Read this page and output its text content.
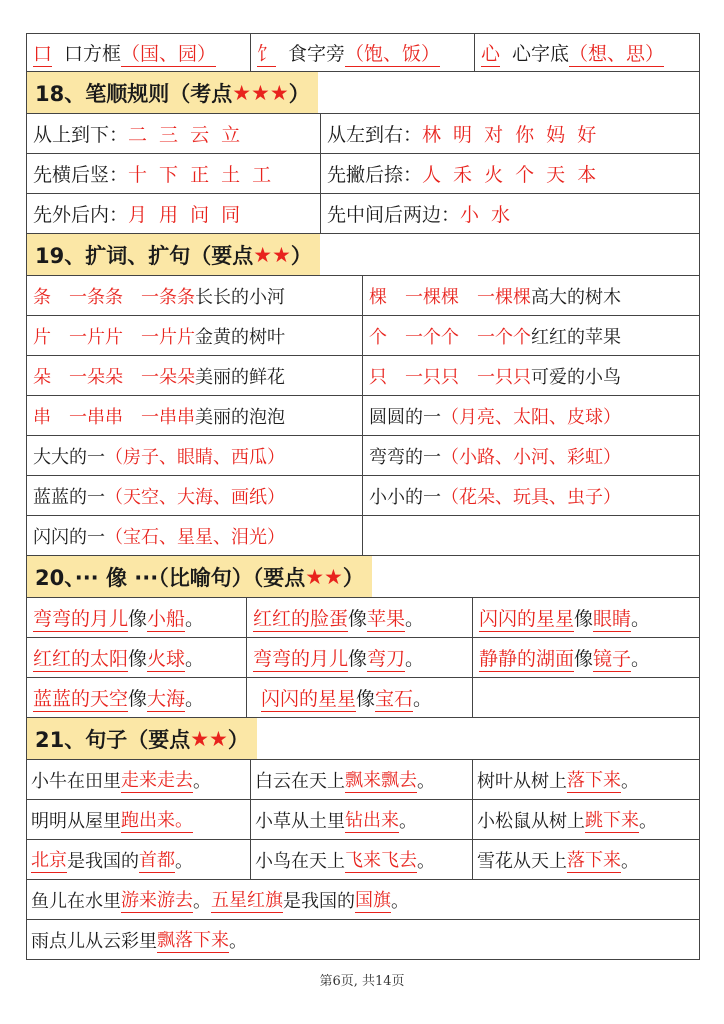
口 口方框 （国、园） 饣 食字旁 （饱、饭） 心 心字底 （想、思）
18、笔顺规则（考点 ★★★ ）
从上到下： 二 三 云 立	从左到右： 林 明 对 你 妈 好
先横后竖： 十 下 正 土 工	先撇后捺： 人 禾 火 个 天 本
先外后内： 月 用 问 同	先中间后两边： 小 水
19、扩词、扩句（要点 ★★ ）
条 一条条 一条条 长长的小河	棵 一棵棵 一棵棵 高大的树木
片 一片片 一片片 金黄的树叶	个 一个个 一个个 红红的苹果
朵 一朵朵 一朵朵 美丽的鲜花	只 一只只 一只只 可爱的小鸟
串 一串串 一串串 美丽的泡泡	圆圆的一 （月亮、太阳、皮球）
大大的一 （房子、眼睛、西瓜）	弯弯的一 （小路、小河、彩虹）
蓝蓝的一 （天空、大海、画纸）	小小的一 （花朵、玩具、虫子）
闪闪的一 （宝石、星星、泪光）
20、··· 像 ···（比喻句）（要点 ★★ ）
弯弯的月儿 像 小船 。	红红的脸蛋 像 苹果 。	闪闪的星星 像 眼睛 。
红红的太阳 像 火球 。	弯弯的月儿 像 弯刀 。	静静的湖面 像 镜子 。
蓝蓝的天空 像 大海 。	闪闪的星星 像 宝石 。
21、句子（要点 ★★ ）
小牛在田里 走来走去 。 白云在天上 飘来飘去 。 树叶从树上 落下来 。
明明从屋里 跑出来。	小草从土里 钻出来 。	小松鼠从树上 跳下来 。
北京 是我国的 首都 。	小鸟在天上 飞来飞去 。 雪花从天上 落下来 。
鱼儿在水里 游来游去 。 五星红旗 是我国的 国旗 。
雨点儿从云彩里 飘落下来 。
第6页, 共14页
